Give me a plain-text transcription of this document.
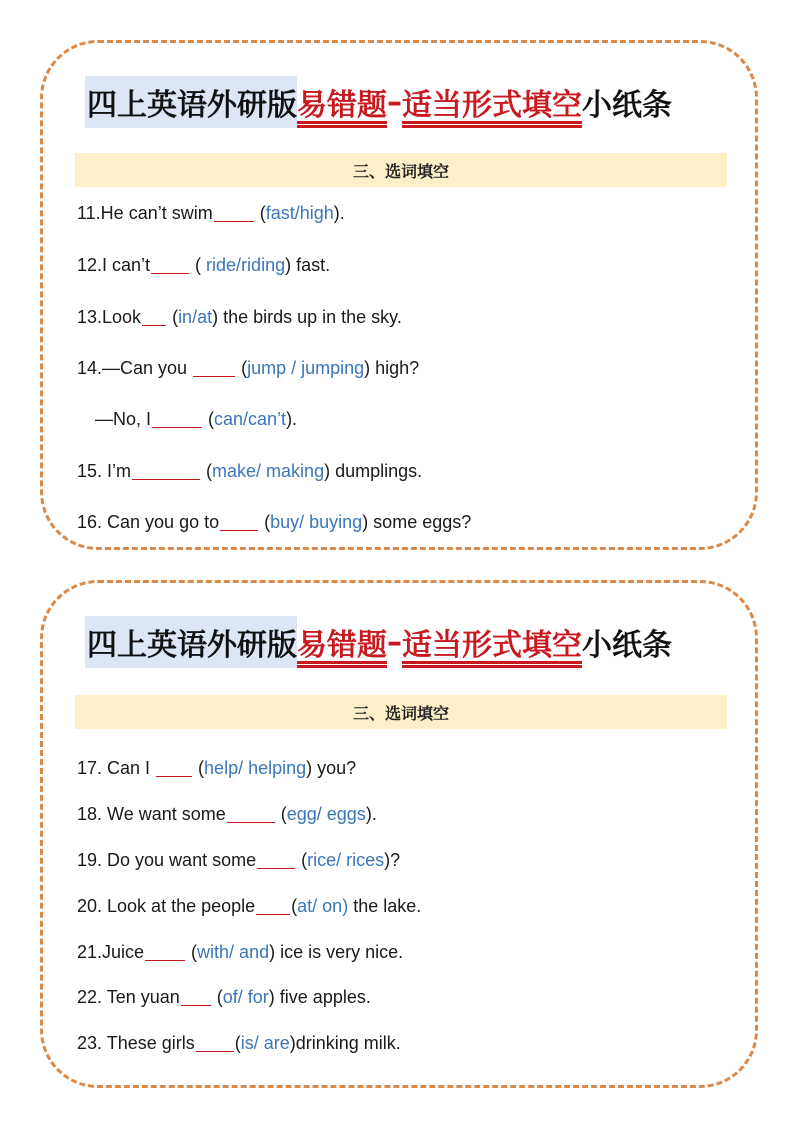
四上英语外研版 易错题 – 适当形式填空 小纸条
三、选词填空
11.He can’t swim (fast/high).
12.I can’t ( ride/riding) fast.
13.Look (in/at) the birds up in the sky.
14.—Can you  (jump / jumping) high?
—No, I	(can/can’t).
15. I’m	(make/ making) dumplings.
16. Can you go to (buy/ buying) some eggs?
四上英语外研版 易错题 – 适当形式填空 小纸条
三、选词填空
17. Can I  (help/ helping) you?
18. We want some	(egg/ eggs).
19. Do you want some (rice/ rices)?
20. Look at the people (at/ on) the lake.
21.Juice (with/ and) ice is very nice.
22. Ten yuan (of/ for) five apples.
23. These girls (is/ are)drinking milk.
